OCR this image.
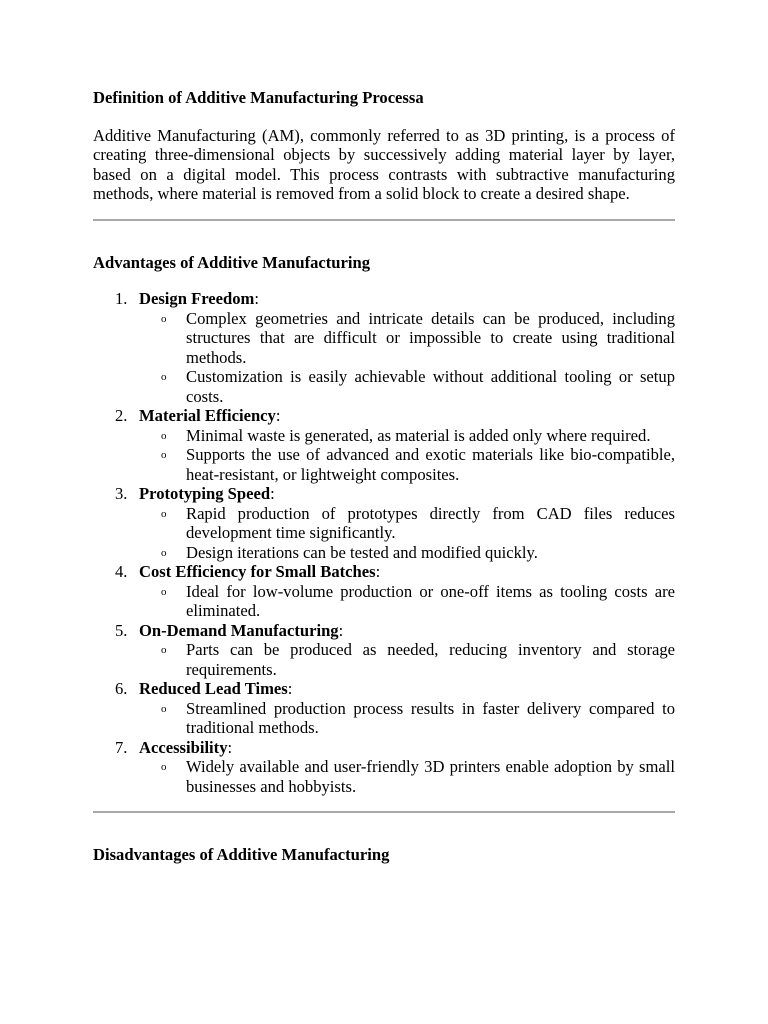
Definition of Additive Manufacturing Processa

Additive Manufacturing (AM), commonly referred to as 3D printing, is a process of creating three-dimensional objects by successively adding material layer by layer, based on a digital model. This process contrasts with subtractive manufacturing methods, where material is removed from a solid block to create a desired shape.

Advantages of Additive Manufacturing
1. Design Freedom:
o Complex geometries and intricate details can be produced, including structures that are difficult or impossible to create using traditional methods.
o Customization is easily achievable without additional tooling or setup costs.
2. Material Efficiency:
o Minimal waste is generated, as material is added only where required.
o Supports the use of advanced and exotic materials like bio-compatible, heat-resistant, or lightweight composites.
3. Prototyping Speed:
o Rapid production of prototypes directly from CAD files reduces development time significantly.
o Design iterations can be tested and modified quickly.
4. Cost Efficiency for Small Batches:
o Ideal for low-volume production or one-off items as tooling costs are eliminated.
5. On-Demand Manufacturing:
o Parts can be produced as needed, reducing inventory and storage requirements.
6. Reduced Lead Times:
o Streamlined production process results in faster delivery compared to traditional methods.
7. Accessibility:
o Widely available and user-friendly 3D printers enable adoption by small businesses and hobbyists.
Disadvantages of Additive Manufacturing
